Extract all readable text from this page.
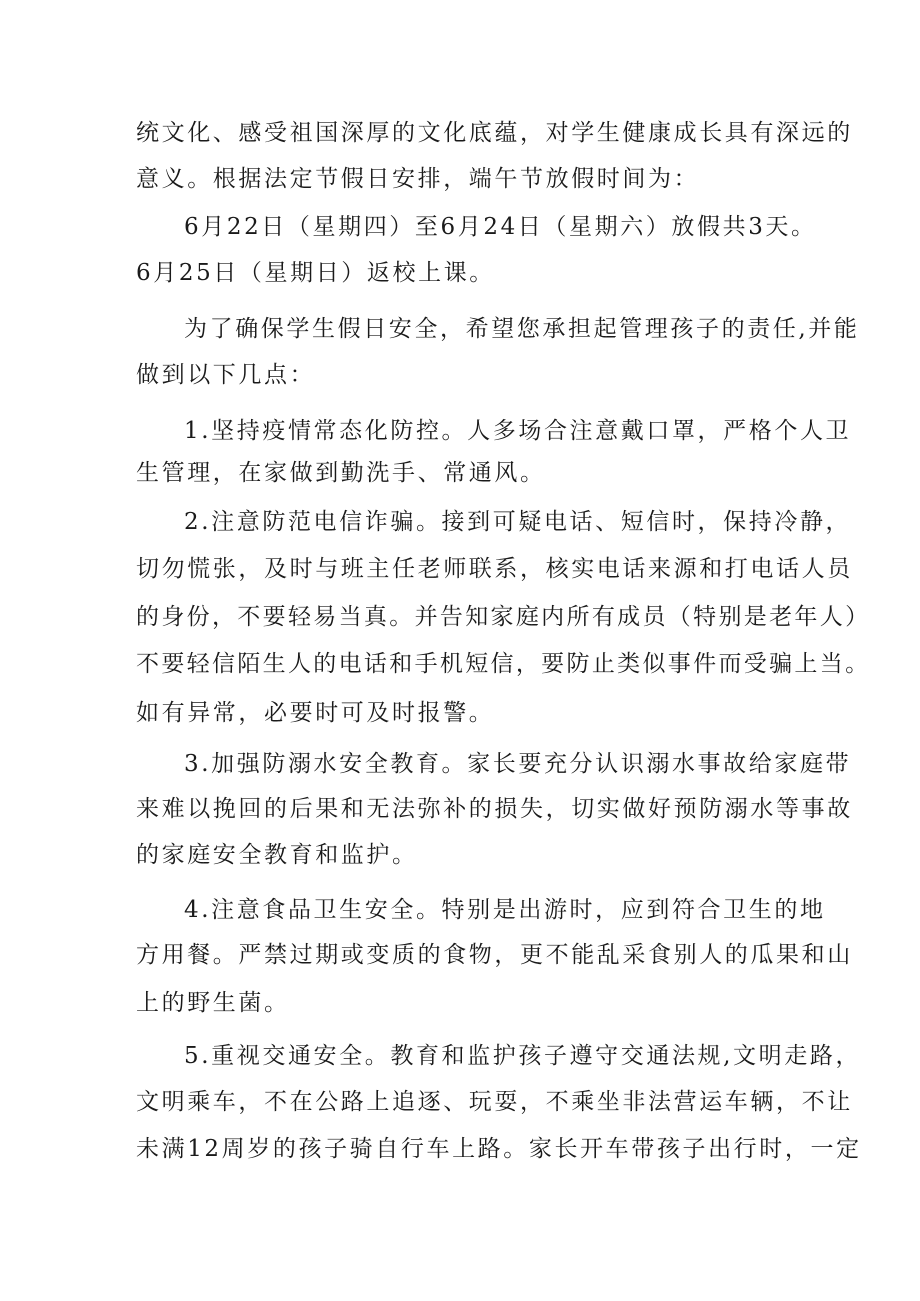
统文化、感受祖国深厚的文化底蕴，对学生健康成长具有深远的
意义。根据法定节假日安排，端午节放假时间为：
6月22日（星期四）至6月24日（星期六）放假共3天。
6月25日（星期日）返校上课。
为了确保学生假日安全，希望您承担起管理孩子的责任,并能
做到以下几点：
1.坚持疫情常态化防控。人多场合注意戴口罩，严格个人卫
生管理，在家做到勤洗手、常通风。
2.注意防范电信诈骗。接到可疑电话、短信时，保持冷静，
切勿慌张，及时与班主任老师联系，核实电话来源和打电话人员
的身份，不要轻易当真。并告知家庭内所有成员（特别是老年人）
不要轻信陌生人的电话和手机短信，要防止类似事件而受骗上当。
如有异常，必要时可及时报警。
3.加强防溺水安全教育。家长要充分认识溺水事故给家庭带
来难以挽回的后果和无法弥补的损失，切实做好预防溺水等事故
的家庭安全教育和监护。
4.注意食品卫生安全。特别是出游时，应到符合卫生的地
方用餐。严禁过期或变质的食物，更不能乱采食别人的瓜果和山
上的野生菌。
5.重视交通安全。教育和监护孩子遵守交通法规,文明走路，
文明乘车，不在公路上追逐、玩耍，不乘坐非法营运车辆，不让
未满12周岁的孩子骑自行车上路。家长开车带孩子出行时，一定
